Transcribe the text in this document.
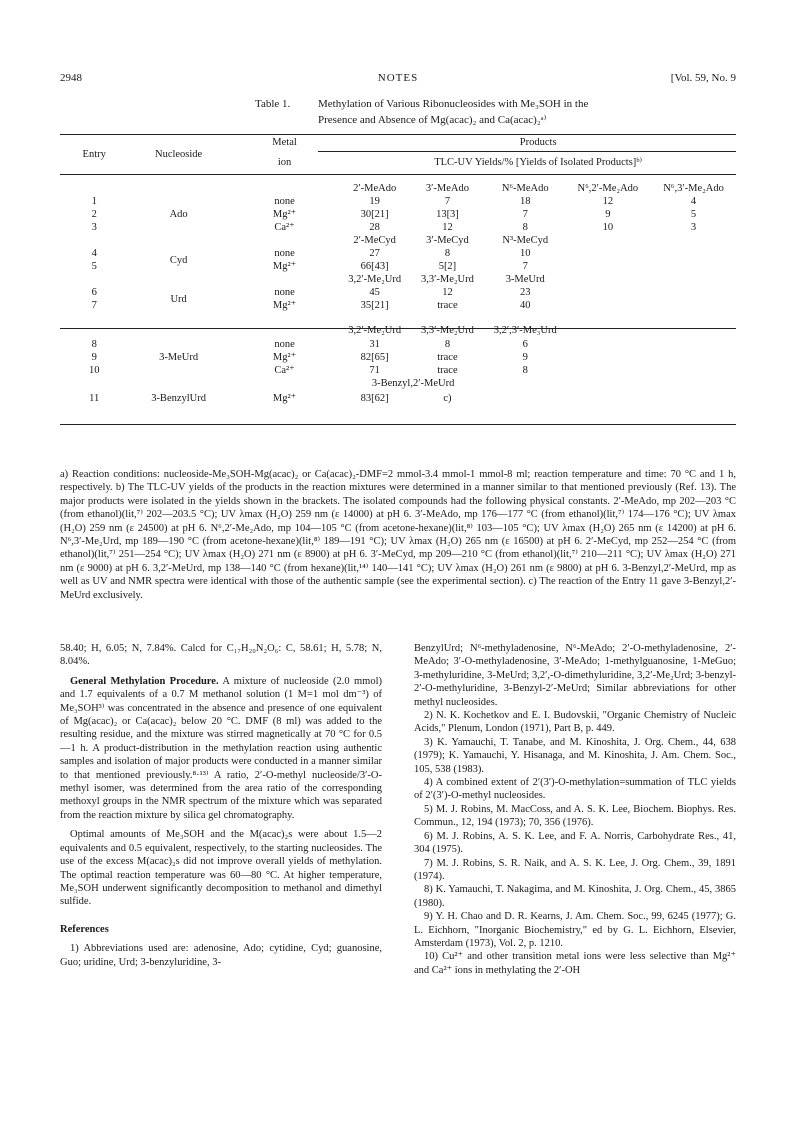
2948	NOTES	[Vol. 59, No. 9
Table 1.	Methylation of Various Ribonucleosides with Me₃SOH in the
Presence and Absence of Mg(acac)₂ and Ca(acac)₂ᵃ⁾
Entry	Nucleoside	Metal	Products				
		ion	TLC-UV Yields/% [Yields of Isolated Products]ᵇ⁾				

			2′-MeAdo	3′-MeAdo	N⁶-MeAdo	N⁶,2′-Me₂Ado	N⁶,3′-Me₂Ado
1		none	19	7	18	12	4
2	Ado	Mg²⁺	30[21]	13[3]	7	9	5
3		Ca²⁺	28	12	8	10	3
			2′-MeCyd	3′-MeCyd	N³-MeCyd		
4	Cyd	none	27	8	10		
5		Mg²⁺	66[43]	5[2]	7		
			3,2′-Me₂Urd	3,3′-Me₂Urd	3-MeUrd		
6	Urd	none	45	12	23		
7		Mg²⁺	35[21]	trace	40		

			3,2′-Me₂Urd	3,3′-Me₂Urd	3,2′,3′-Me₃Urd		
8		none	31	8	6		
9	3-MeUrd	Mg²⁺	82[65]	trace	9		
10		Ca²⁺	71	trace	8		
			3-Benzyl,2′-MeUrd				
11	3-BenzylUrd	Mg²⁺	83[62]	c)			

a) Reaction conditions: nucleoside-Me₃SOH-Mg(acac)₂ or Ca(acac)₂-DMF=2 mmol-3.4 mmol-1 mmol-8 ml; reaction temperature and time: 70 °C and 1 h, respectively. b) The TLC-UV yields of the products in the reaction mixtures were determined in a manner similar to that mentioned previously (Ref. 13). The major products were isolated in the yields shown in the brackets. The isolated compounds had the following physical constants. 2′-MeAdo, mp 202—203 °C (from ethanol)(lit,⁷⁾ 202—203.5 °C); UV λmax (H₂O) 259 nm (ε 14000) at pH 6. 3′-MeAdo, mp 176—177 °C (from ethanol)(lit,⁷⁾ 174—176 °C); UV λmax (H₂O) 259 nm (ε 24500) at pH 6. N⁶,2′-Me₂Ado, mp 104—105 °C (from acetone-hexane)(lit,⁸⁾ 103—105 °C); UV λmax (H₂O) 265 nm (ε 14200) at pH 6. N⁶,3′-Me₂Urd, mp 189—190 °C (from acetone-hexane)(lit,⁸⁾ 189—191 °C); UV λmax (H₂O) 265 nm (ε 16500) at pH 6. 2′-MeCyd, mp 252—254 °C (from ethanol)(lit,⁷⁾ 251—254 °C); UV λmax (H₂O) 271 nm (ε 8900) at pH 6. 3′-MeCyd, mp 209—210 °C (from ethanol)(lit,⁷⁾ 210—211 °C); UV λmax (H₂O) 271 nm (ε 9000) at pH 6. 3,2′-MeUrd, mp 138—140 °C (from hexane)(lit,¹⁴⁾ 140—141 °C); UV λmax (H₂O) 261 nm (ε 9800) at pH 6. 3-Benzyl,2′-MeUrd, mp as well as UV and NMR spectra were identical with those of the authentic sample (see the experimental section). c) The reaction of the Entry 11 gave 3-Benzyl,2′-MeUrd exclusively.

58.40; H, 6.05; N, 7.84%. Calcd for C₁₇H₂₀N₂O₆: C, 58.61; H, 5.78; N, 8.04%.

General Methylation Procedure. A mixture of nucleoside (2.0 mmol) and 1.7 equivalents of a 0.7 M methanol solution (1 M=1 mol dm⁻³) of Me₃SOH³⁾ was concentrated in the absence and presence of one equivalent of Mg(acac)₂ or Ca(acac)₂ below 20 °C. DMF (8 ml) was added to the resulting residue, and the mixture was stirred magnetically at 70 °C for 0.5—1 h. A product-distribution in the methylation reaction using authentic samples and isolation of major products were conducted in a manner similar to that mentioned previously.⁸·¹³⁾ A ratio, 2′-O-methyl nucleoside/3′-O-methyl isomer, was determined from the area ratio of the corresponding methoxyl groups in the NMR spectrum of the mixture which was separated from the reaction mixture by silica gel chromatography.

Optimal amounts of Me₃SOH and the M(acac)₂s were about 1.5—2 equivalents and 0.5 equivalent, respectively, to the starting nucleosides. The use of the excess M(acac)₂s did not improve overall yields of methylation. The optimal reaction temperature was 60—80 °C. At higher temperature, Me₃SOH underwent significantly decomposition to methanol and dimethyl sulfide.

References

1) Abbreviations used are: adenosine, Ado; cytidine, Cyd; guanosine, Guo; uridine, Urd; 3-benzyluridine, 3-

BenzylUrd; N⁶-methyladenosine, N⁶-MeAdo; 2′-O-methyladenosine, 2′-MeAdo; 3′-O-methyladenosine, 3′-MeAdo; 1-methylguanosine, 1-MeGuo; 3-methyluridine, 3-MeUrd; 3,2′,-O-dimethyluridine, 3,2′-Me₂Urd; 3-benzyl-2′-O-methyluridine, 3-Benzyl-2′-MeUrd; Similar abbreviations for other methyl nucleosides.

2) N. K. Kochetkov and E. I. Budovskii, "Organic Chemistry of Nucleic Acids," Plenum, London (1971), Part B, p. 449.

3) K. Yamauchi, T. Tanabe, and M. Kinoshita, J. Org. Chem., 44, 638 (1979); K. Yamauchi, Y. Hisanaga, and M. Kinoshita, J. Am. Chem. Soc., 105, 538 (1983).

4) A combined extent of 2′(3′)-O-methylation=summation of TLC yields of 2′(3′)-O-methyl nucleosides.

5) M. J. Robins, M. MacCoss, and A. S. K. Lee, Biochem. Biophys. Res. Commun., 12, 194 (1973); 70, 356 (1976).

6) M. J. Robins, A. S. K. Lee, and F. A. Norris, Carbohydrate Res., 41, 304 (1975).

7) M. J. Robins, S. R. Naik, and A. S. K. Lee, J. Org. Chem., 39, 1891 (1974).

8) K. Yamauchi, T. Nakagima, and M. Kinoshita, J. Org. Chem., 45, 3865 (1980).

9) Y. H. Chao and D. R. Kearns, J. Am. Chem. Soc., 99, 6245 (1977); G. L. Eichhorn, "Inorganic Biochemistry," ed by G. L. Eichhorn, Elsevier, Amsterdam (1973), Vol. 2, p. 1210.

10) Cu²⁺ and other transition metal ions were less selective than Mg²⁺ and Ca²⁺ ions in methylating the 2′-OH
